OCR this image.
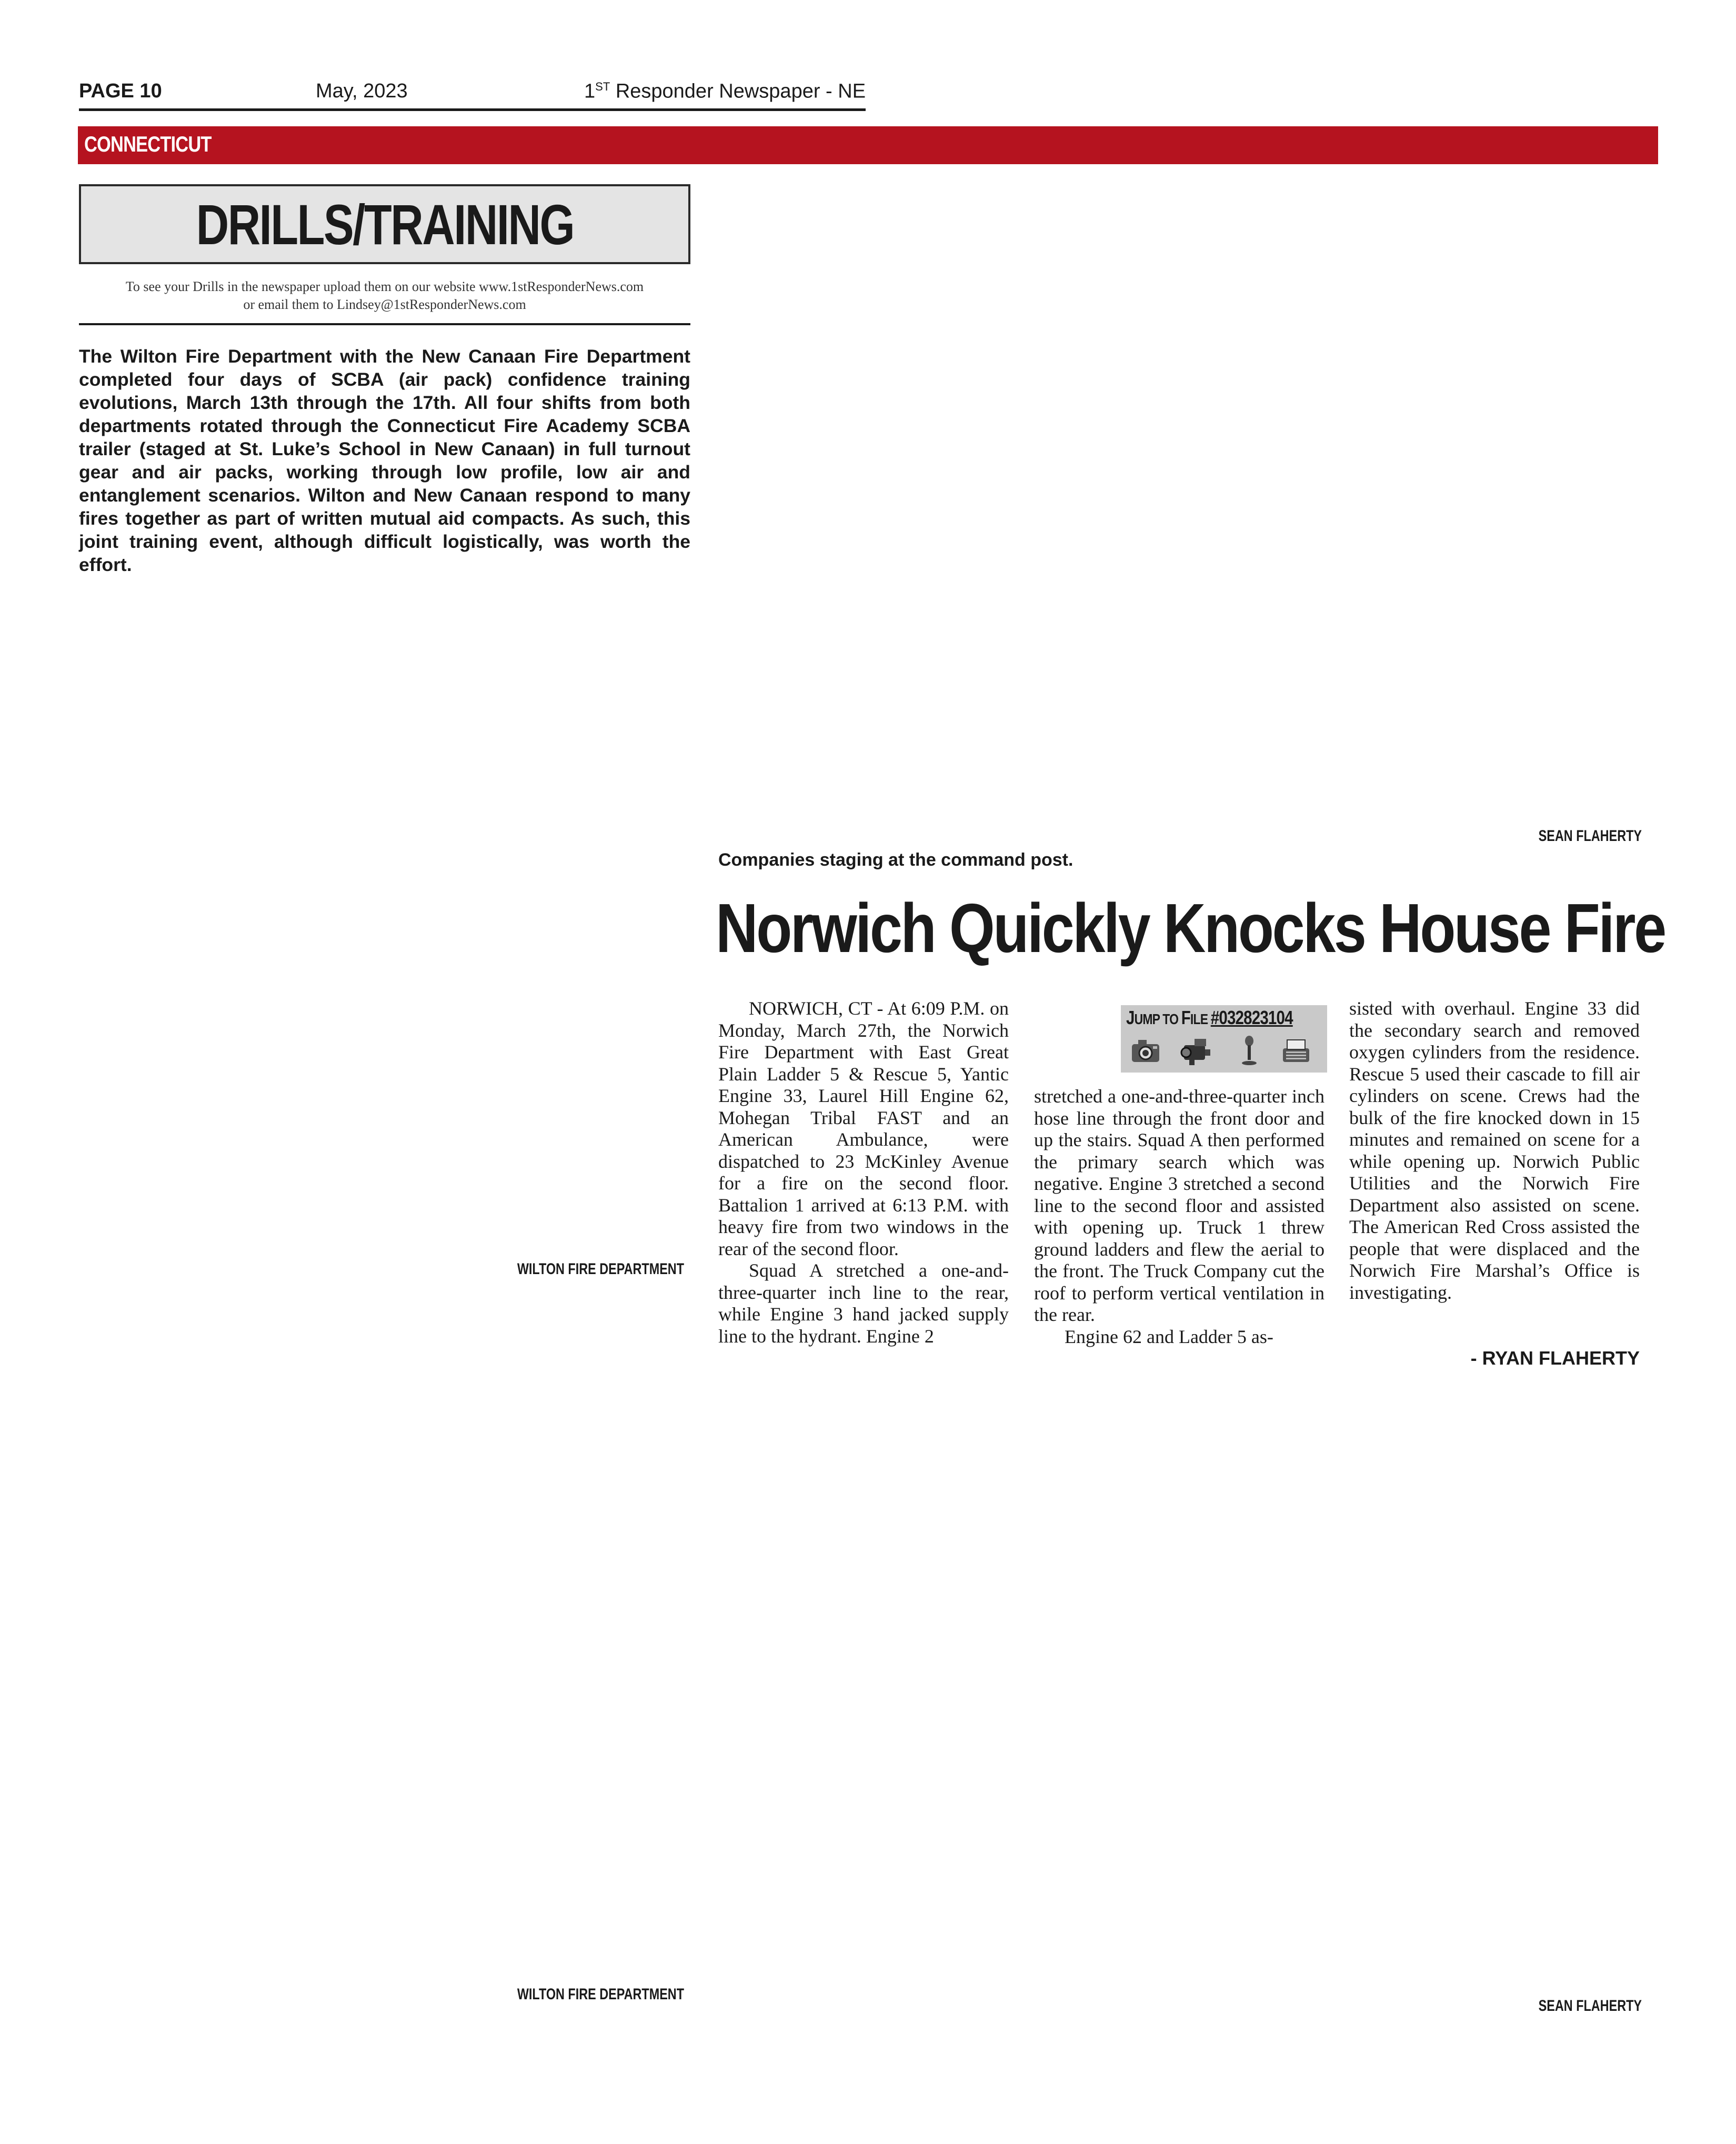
PAGE 10	May, 2023	1ST Responder Newspaper - NE
CONNECTICUT
DRILLS/TRAINING
To see your Drills in the newspaper upload them on our website www.1stResponderNews.com
or email them to Lindsey@1stResponderNews.com
The Wilton Fire Department with the New Canaan Fire Department completed four days of SCBA (air pack) confidence training evolutions, March 13th through the 17th. All four shifts from both departments rotated through the Connecticut Fire Academy SCBA trailer (staged at St. Luke’s School in New Canaan) in full turnout gear and air packs, working through low profile, low air and entanglement scenarios. Wilton and New Canaan respond to many fires together as part of written mutual aid compacts. As such, this joint training event, although difficult logistically, was worth the effort.
WILTON FIRE DEPARTMENT
WILTON FIRE DEPARTMENT
SEAN FLAHERTY
Companies staging at the command post.
Norwich Quickly Knocks House Fire

NORWICH, CT - At 6:09 P.M. on Monday, March 27th, the Norwich Fire Department with East Great Plain Ladder 5 & Rescue 5, Yantic Engine 33, Laurel Hill Engine 62, Mohegan Tribal FAST and an American Ambulance, were dispatched to 23 McKinley Avenue for a fire on the second floor. Battalion 1 arrived at 6:13 P.M. with heavy fire from two windows in the rear of the second floor.

Squad A stretched a one-and-three-quarter inch line to the rear, while Engine 3 hand jacked supply line to the hydrant. Engine 2

JUMP TO FILE #032823104

stretched a one-and-three-quarter inch hose line through the front door and up the stairs. Squad A then performed the primary search which was negative. Engine 3 stretched a second line to the second floor and assisted with opening up. Truck 1 threw ground ladders and flew the aerial to the front. The Truck Company cut the roof to perform vertical ventilation in the rear.

Engine 62 and Ladder 5 as-

sisted with overhaul. Engine 33 did the secondary search and removed oxygen cylinders from the residence. Rescue 5 used their cascade to fill air cylinders on scene. Crews had the bulk of the fire knocked down in 15 minutes and remained on scene for a while opening up. Norwich Public Utilities and the Norwich Fire Department also assisted on scene. The American Red Cross assisted the people that were displaced and the Norwich Fire Marshal’s Office is investigating.

- RYAN FLAHERTY
SEAN FLAHERTY
